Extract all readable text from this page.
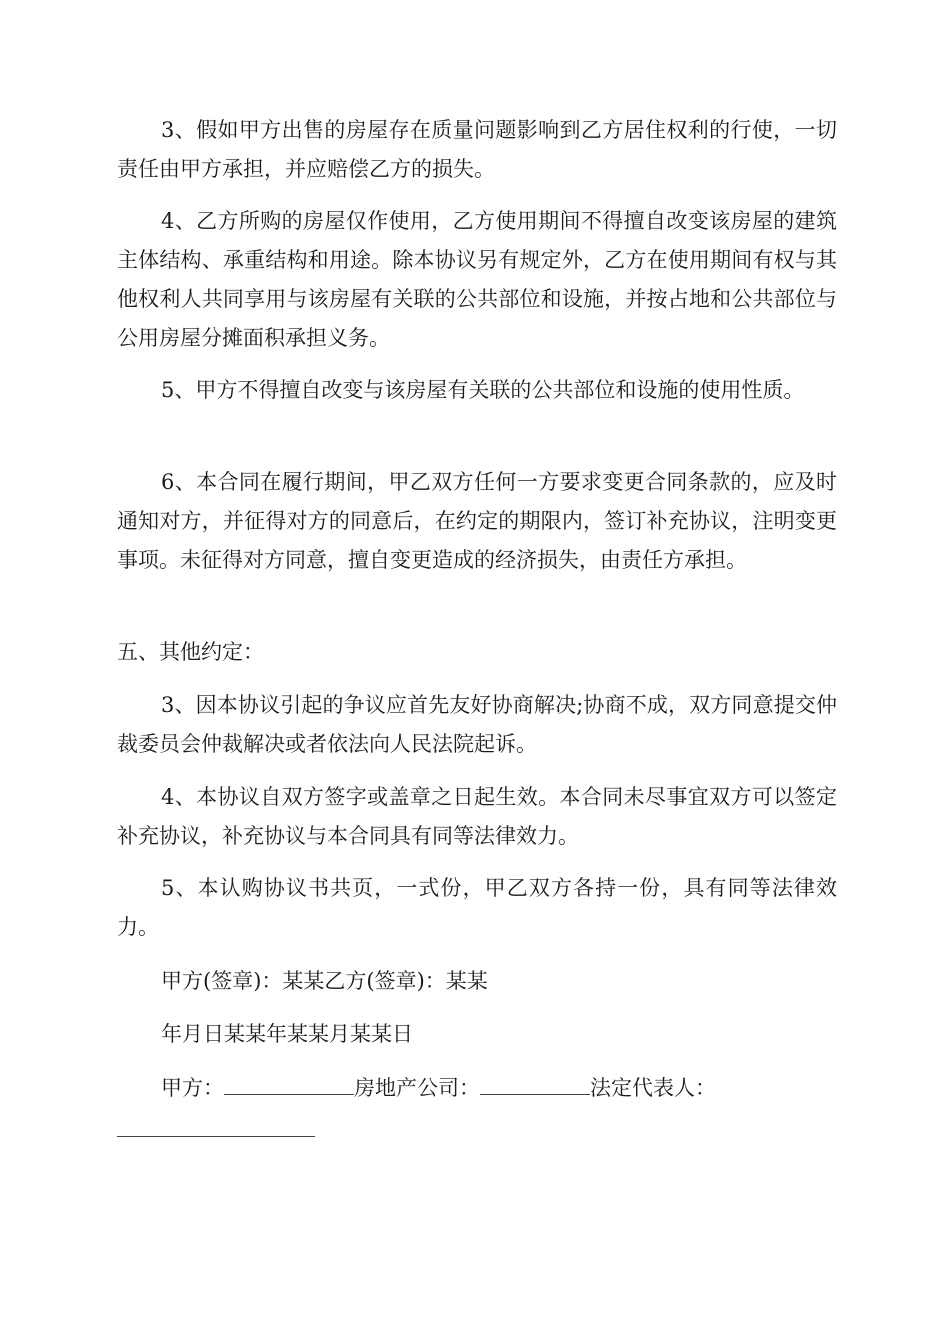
3、假如甲方出售的房屋存在质量问题影响到乙方居住权利的行使，一切责任由甲方承担，并应赔偿乙方的损失。

4、乙方所购的房屋仅作使用，乙方使用期间不得擅自改变该房屋的建筑主体结构、承重结构和用途。除本协议另有规定外，乙方在使用期间有权与其他权利人共同享用与该房屋有关联的公共部位和设施，并按占地和公共部位与公用房屋分摊面积承担义务。

5、甲方不得擅自改变与该房屋有关联的公共部位和设施的使用性质。

6、本合同在履行期间，甲乙双方任何一方要求变更合同条款的，应及时通知对方，并征得对方的同意后，在约定的期限内，签订补充协议，注明变更事项。未征得对方同意，擅自变更造成的经济损失，由责任方承担。

五、其他约定：

3、因本协议引起的争议应首先友好协商解决;协商不成，双方同意提交仲裁委员会仲裁解决或者依法向人民法院起诉。

4、本协议自双方签字或盖章之日起生效。本合同未尽事宜双方可以签定补充协议，补充协议与本合同具有同等法律效力。

5、本认购协议书共页，一式份，甲乙双方各持一份，具有同等法律效力。

甲方(签章)：某某乙方(签章)：某某

年月日某某年某某月某某日

甲方：	房地产公司：	法定代表人：
